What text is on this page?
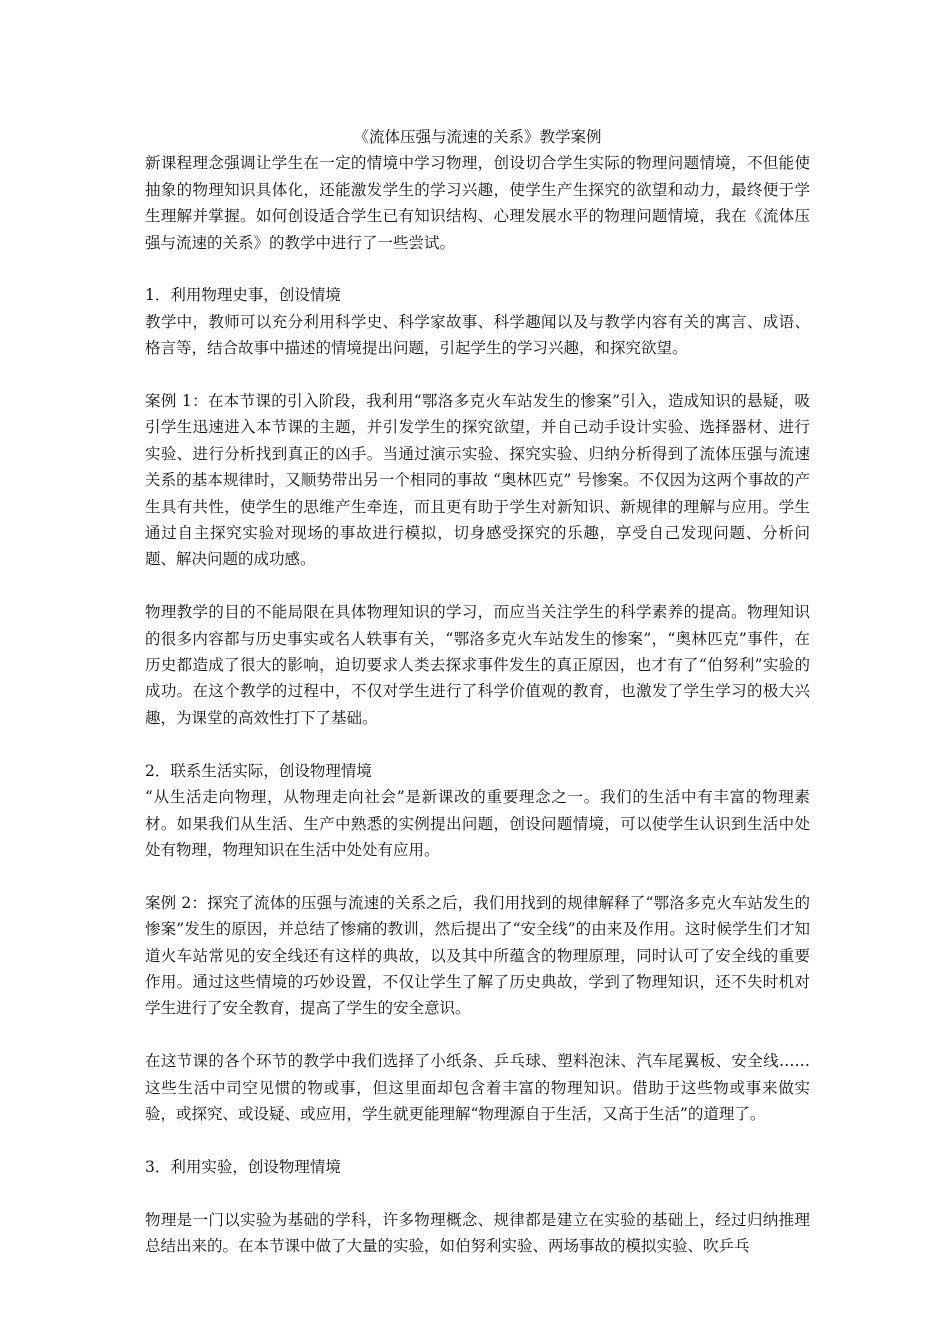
《流体压强与流速的关系》教学案例

新课程理念强调让学生在一定的情境中学习物理，创设切合学生实际的物理问题情境，不但能使抽象的物理知识具体化，还能激发学生的学习兴趣，使学生产生探究的欲望和动力，最终便于学生理解并掌握。如何创设适合学生已有知识结构、心理发展水平的物理问题情境，我在《流体压强与流速的关系》的教学中进行了一些尝试。

1．利用物理史事，创设情境

教学中，教师可以充分利用科学史、科学家故事、科学趣闻以及与教学内容有关的寓言、成语、格言等，结合故事中描述的情境提出问题，引起学生的学习兴趣，和探究欲望。

案例 1：在本节课的引入阶段，我利用“鄂洛多克火车站发生的惨案”引入，造成知识的悬疑，吸引学生迅速进入本节课的主题，并引发学生的探究欲望，并自己动手设计实验、选择器材、进行实验、进行分析找到真正的凶手。当通过演示实验、探究实验、归纳分析得到了流体压强与流速关系的基本规律时，又顺势带出另一个相同的事故 “奥林匹克” 号惨案。不仅因为这两个事故的产生具有共性，使学生的思维产生牵连，而且更有助于学生对新知识、新规律的理解与应用。学生通过自主探究实验对现场的事故进行模拟，切身感受探究的乐趣，享受自己发现问题、分析问题、解决问题的成功感。

物理教学的目的不能局限在具体物理知识的学习，而应当关注学生的科学素养的提高。物理知识的很多内容都与历史事实或名人轶事有关，“鄂洛多克火车站发生的惨案”，“奥林匹克”事件，在历史都造成了很大的影响，迫切要求人类去探求事件发生的真正原因，也才有了“伯努利”实验的成功。在这个教学的过程中，不仅对学生进行了科学价值观的教育，也激发了学生学习的极大兴趣，为课堂的高效性打下了基础。

2．联系生活实际，创设物理情境

“从生活走向物理，从物理走向社会”是新课改的重要理念之一。我们的生活中有丰富的物理素材。如果我们从生活、生产中熟悉的实例提出问题，创设问题情境，可以使学生认识到生活中处处有物理，物理知识在生活中处处有应用。

案例 2：探究了流体的压强与流速的关系之后，我们用找到的规律解释了“鄂洛多克火车站发生的惨案”发生的原因，并总结了惨痛的教训，然后提出了“安全线”的由来及作用。这时候学生们才知道火车站常见的安全线还有这样的典故，以及其中所蕴含的物理原理，同时认可了安全线的重要作用。通过这些情境的巧妙设置，不仅让学生了解了历史典故，学到了物理知识，还不失时机对学生进行了安全教育，提高了学生的安全意识。

在这节课的各个环节的教学中我们选择了小纸条、乒乓球、塑料泡沫、汽车尾翼板、安全线……这些生活中司空见惯的物或事，但这里面却包含着丰富的物理知识。借助于这些物或事来做实验，或探究、或设疑、或应用，学生就更能理解“物理源自于生活，又高于生活”的道理了。

3．利用实验，创设物理情境

物理是一门以实验为基础的学科，许多物理概念、规律都是建立在实验的基础上，经过归纳推理总结出来的。在本节课中做了大量的实验，如伯努利实验、两场事故的模拟实验、吹乒乓
